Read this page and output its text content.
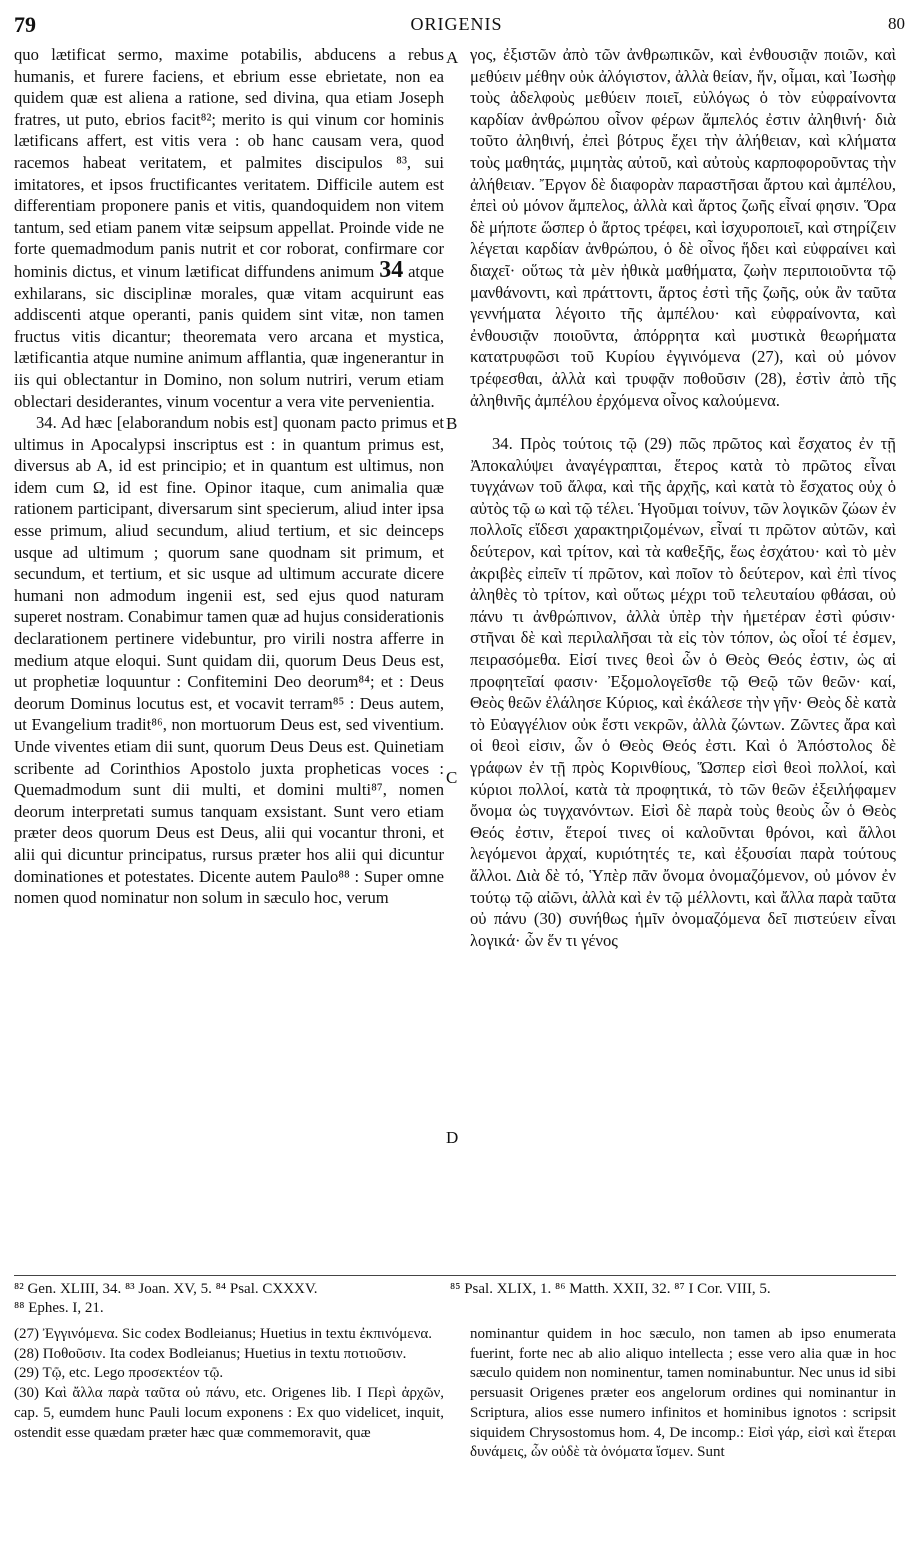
79	ORIGENIS	80

quo lætificat sermo, maxime potabilis, abducens a rebus humanis, et furere faciens, et ebrium esse ebrietate, non ea quidem quæ est aliena a ratione, sed divina, qua etiam Joseph fratres, ut puto, ebrios facit⁸²; merito is qui vinum cor hominis lætificans affert, est vitis vera : ob hanc causam vera, quod racemos habeat veritatem, et palmites discipulos ⁸³, sui imitatores, et ipsos fructificantes veritatem. Difficile autem est differentiam proponere panis et vitis, quandoquidem non vitem tantum, sed etiam panem vitæ seipsum appellat. Proinde vide ne forte quemadmodum panis nutrit et cor roborat, confirmare cor hominis dictus, et vinum lætificat diffundens animum 34 atque exhilarans, sic disciplinæ morales, quæ vitam acquirunt eas addiscenti atque operanti, panis quidem sint vitæ, non tamen fructus vitis dicantur; theoremata vero arcana et mystica, lætificantia atque numine animum afflantia, quæ ingenerantur in iis qui oblectantur in Domino, non solum nutriri, verum etiam oblectari desiderantes, vinum vocentur a vera vite pervenientia.

34. Ad hæc [elaborandum nobis est] quonam pacto primus et ultimus in Apocalypsi inscriptus est : in quantum primus est, diversus ab A, id est principio; et in quantum est ultimus, non idem cum Ω, id est fine. Opinor itaque, cum animalia quæ rationem participant, diversarum sint specierum, aliud inter ipsa esse primum, aliud secundum, aliud tertium, et sic deinceps usque ad ultimum ; quorum sane quodnam sit primum, et secundum, et tertium, et sic usque ad ultimum accurate dicere humani non admodum ingenii est, sed ejus quod naturam superet nostram. Conabimur tamen quæ ad hujus considerationis declarationem pertinere videbuntur, pro virili nostra afferre in medium atque eloqui. Sunt quidam dii, quorum Deus Deus est, ut prophetiæ loquuntur : Confitemini Deo deorum⁸⁴; et : Deus deorum Dominus locutus est, et vocavit terram⁸⁵ : Deus autem, ut Evangelium tradit⁸⁶, non mortuorum Deus est, sed viventium. Unde viventes etiam dii sunt, quorum Deus Deus est. Quinetiam scribente ad Corinthios Apostolo juxta propheticas voces : Quemadmodum sunt dii multi, et domini multi⁸⁷, nomen deorum interpretati sumus tanquam exsistant. Sunt vero etiam præter deos quorum Deus est Deus, alii qui vocantur throni, et alii qui dicuntur principatus, rursus præter hos alii qui dicuntur dominationes et potestates. Dicente autem Paulo⁸⁸ : Super omne nomen quod nominatur non solum in sæculo hoc, verum

A
B
C
D

γος, ἐξιστῶν ἀπὸ τῶν ἀνθρωπικῶν, καὶ ἐνθουσιᾷν ποιῶν, καὶ μεθύειν μέθην οὐκ ἀλόγιστον, ἀλλὰ θείαν, ἥν, οἶμαι, καὶ Ἰωσὴφ τοὺς ἀδελφοὺς μεθύειν ποιεῖ, εὐλόγως ὁ τὸν εὐφραίνοντα καρδίαν ἀνθρώπου οἶνον φέρων ἄμπελός ἐστιν ἀληθινή· διὰ τοῦτο ἀληθινή, ἐπεὶ βότρυς ἔχει τὴν ἀλήθειαν, καὶ κλήματα τοὺς μαθητάς, μιμητὰς αὐτοῦ, καὶ αὐτοὺς καρποφοροῦντας τὴν ἀλήθειαν. Ἔργον δὲ διαφορὰν παραστῆσαι ἄρτου καὶ ἀμπέλου, ἐπεὶ οὐ μόνον ἄμπελος, ἀλλὰ καὶ ἄρτος ζωῆς εἶναί φησιν. Ὅρα δὲ μήποτε ὥσπερ ὁ ἄρτος τρέφει, καὶ ἰσχυροποιεῖ, καὶ στηρίζειν λέγεται καρδίαν ἀνθρώπου, ὁ δὲ οἶνος ἥδει καὶ εὐφραίνει καὶ διαχεῖ· οὕτως τὰ μὲν ἠθικὰ μαθήματα, ζωὴν περιποιοῦντα τῷ μανθάνοντι, καὶ πράττοντι, ἄρτος ἐστὶ τῆς ζωῆς, οὐκ ἂν ταῦτα γεννήματα λέγοιτο τῆς ἀμπέλου· καὶ εὐφραίνοντα, καὶ ἐνθουσιᾷν ποιοῦντα, ἀπόρρητα καὶ μυστικὰ θεωρήματα κατατρυφῶσι τοῦ Κυρίου ἐγγινόμενα (27), καὶ οὐ μόνον τρέφεσθαι, ἀλλὰ καὶ τρυφᾷν ποθοῦσιν (28), ἐστὶν ἀπὸ τῆς ἀληθινῆς ἀμπέλου ἐρχόμενα οἶνος καλούμενα.

34. Πρὸς τούτοις τῷ (29) πῶς πρῶτος καὶ ἔσχατος ἐν τῇ Ἀποκαλύψει ἀναγέγραπται, ἕτερος κατὰ τὸ πρῶτος εἶναι τυγχάνων τοῦ ἄλφα, καὶ τῆς ἀρχῆς, καὶ κατὰ τὸ ἔσχατος οὐχ ὁ αὐτὸς τῷ ω καὶ τῷ τέλει. Ἡγοῦμαι τοίνυν, τῶν λογικῶν ζώων ἐν πολλοῖς εἴδεσι χαρακτηριζομένων, εἶναί τι πρῶτον αὐτῶν, καὶ δεύτερον, καὶ τρίτον, καὶ τὰ καθεξῆς, ἕως ἐσχάτου· καὶ τὸ μὲν ἀκριβὲς εἰπεῖν τί πρῶτον, καὶ ποῖον τὸ δεύτερον, καὶ ἐπὶ τίνος ἀληθὲς τὸ τρίτον, καὶ οὕτως μέχρι τοῦ τελευταίου φθάσαι, οὐ πάνυ τι ἀνθρώπινον, ἀλλὰ ὑπὲρ τὴν ἡμετέραν ἐστὶ φύσιν· στῆναι δὲ καὶ περιλαλῆσαι τὰ εἰς τὸν τόπον, ὡς οἷοί τέ ἐσμεν, πειρασόμεθα. Εἰσί τινες θεοὶ ὧν ὁ Θεὸς Θεός ἐστιν, ὡς αἱ προφητεῖαί φασιν· Ἐξομολογεῖσθε τῷ Θεῷ τῶν θεῶν· καί, Θεὸς θεῶν ἐλάλησε Κύριος, καὶ ἐκάλεσε τὴν γῆν· Θεὸς δὲ κατὰ τὸ Εὐαγγέλιον οὐκ ἔστι νεκρῶν, ἀλλὰ ζώντων. Ζῶντες ἄρα καὶ οἱ θεοὶ εἰσιν, ὧν ὁ Θεὸς Θεός ἐστι. Καὶ ὁ Ἀπόστολος δὲ γράφων ἐν τῇ πρὸς Κορινθίους, Ὥσπερ εἰσὶ θεοὶ πολλοί, καὶ κύριοι πολλοί, κατὰ τὰ προφητικά, τὸ τῶν θεῶν ἐξειλήφαμεν ὄνομα ὡς τυγχανόντων. Εἰσὶ δὲ παρὰ τοὺς θεοὺς ὧν ὁ Θεὸς Θεός ἐστιν, ἕτεροί τινες οἱ καλοῦνται θρόνοι, καὶ ἄλλοι λεγόμενοι ἀρχαί, κυριότητές τε, καὶ ἐξουσίαι παρὰ τούτους ἄλλοι. Διὰ δὲ τό, Ὑπὲρ πᾶν ὄνομα ὀνομαζόμενον, οὐ μόνον ἐν τούτῳ τῷ αἰῶνι, ἀλλὰ καὶ ἐν τῷ μέλλοντι, καὶ ἄλλα παρὰ ταῦτα οὐ πάνυ (30) συνήθως ἡμῖν ὀνομαζόμενα δεῖ πιστεύειν εἶναι λογικά· ὧν ἕν τι γένος

⁸² Gen. XLIII, 34. ⁸³ Joan. XV, 5. ⁸⁴ Psal. CXXXV.
⁸⁸ Ephes. I, 21.
⁸⁵ Psal. XLIX, 1. ⁸⁶ Matth. XXII, 32. ⁸⁷ I Cor. VIII, 5.

(27) Ἐγγινόμενα. Sic codex Bodleianus; Huetius in textu ἐκπινόμενα.

(28) Ποθοῦσιν. Ita codex Bodleianus; Huetius in textu ποτιοῦσιν.

(29) Τῷ, etc. Lego προσεκτέον τῷ.

(30) Καὶ ἄλλα παρὰ ταῦτα οὐ πάνυ, etc. Origenes lib. I Περὶ ἀρχῶν, cap. 5, eumdem hunc Pauli locum exponens : Ex quo videlicet, inquit, ostendit esse quædam præter hæc quæ commemoravit, quæ

nominantur quidem in hoc sæculo, non tamen ab ipso enumerata fuerint, forte nec ab alio aliquo intellecta ; esse vero alia quæ in hoc sæculo quidem non nominentur, tamen nominabuntur. Nec unus id sibi persuasit Origenes præter eos angelorum ordines qui nominantur in Scriptura, alios esse numero infinitos et hominibus ignotos : scripsit siquidem Chrysostomus hom. 4, De incomp.: Εἰσὶ γάρ, εἰσὶ καὶ ἕτεραι δυνάμεις, ὧν οὐδὲ τὰ ὀνόματα ἴσμεν. Sunt
